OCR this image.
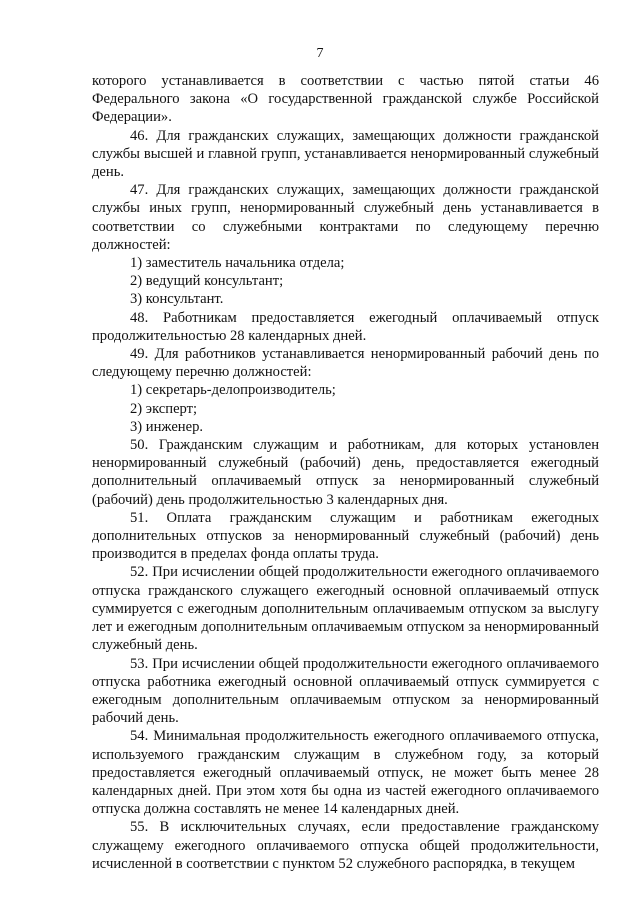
7

которого устанавливается в соответствии с частью пятой статьи 46 Федерального закона «О государственной гражданской службе Российской Федерации».

46. Для гражданских служащих, замещающих должности гражданской службы высшей и главной групп, устанавливается ненормированный служебный день.

47. Для гражданских служащих, замещающих должности гражданской службы иных групп, ненормированный служебный день устанавливается в соответствии со служебными контрактами по следующему перечню должностей:

1) заместитель начальника отдела;

2) ведущий консультант;

3) консультант.

48. Работникам предоставляется ежегодный оплачиваемый отпуск продолжительностью 28 календарных дней.

49. Для работников устанавливается ненормированный рабочий день по следующему перечню должностей:

1) секретарь-делопроизводитель;

2) эксперт;

3) инженер.

50. Гражданским служащим и работникам, для которых установлен ненормированный служебный (рабочий) день, предоставляется ежегодный дополнительный оплачиваемый отпуск за ненормированный служебный (рабочий) день продолжительностью 3 календарных дня.

51. Оплата гражданским служащим и работникам ежегодных дополнительных отпусков за ненормированный служебный (рабочий) день производится в пределах фонда оплаты труда.

52. При исчислении общей продолжительности ежегодного оплачиваемого отпуска гражданского служащего ежегодный основной оплачиваемый отпуск суммируется с ежегодным дополнительным оплачиваемым отпуском за выслугу лет и ежегодным дополнительным оплачиваемым отпуском за ненормированный служебный день.

53. При исчислении общей продолжительности ежегодного оплачиваемого отпуска работника ежегодный основной оплачиваемый отпуск суммируется с ежегодным дополнительным оплачиваемым отпуском за ненормированный рабочий день.

54. Минимальная продолжительность ежегодного оплачиваемого отпуска, используемого гражданским служащим в служебном году, за который предоставляется ежегодный оплачиваемый отпуск, не может быть менее 28 календарных дней. При этом хотя бы одна из частей ежегодного оплачиваемого отпуска должна составлять не менее 14 календарных дней.

55. В исключительных случаях, если предоставление гражданскому служащему ежегодного оплачиваемого отпуска общей продолжительности, исчисленной в соответствии с пунктом 52 служебного распорядка, в текущем
